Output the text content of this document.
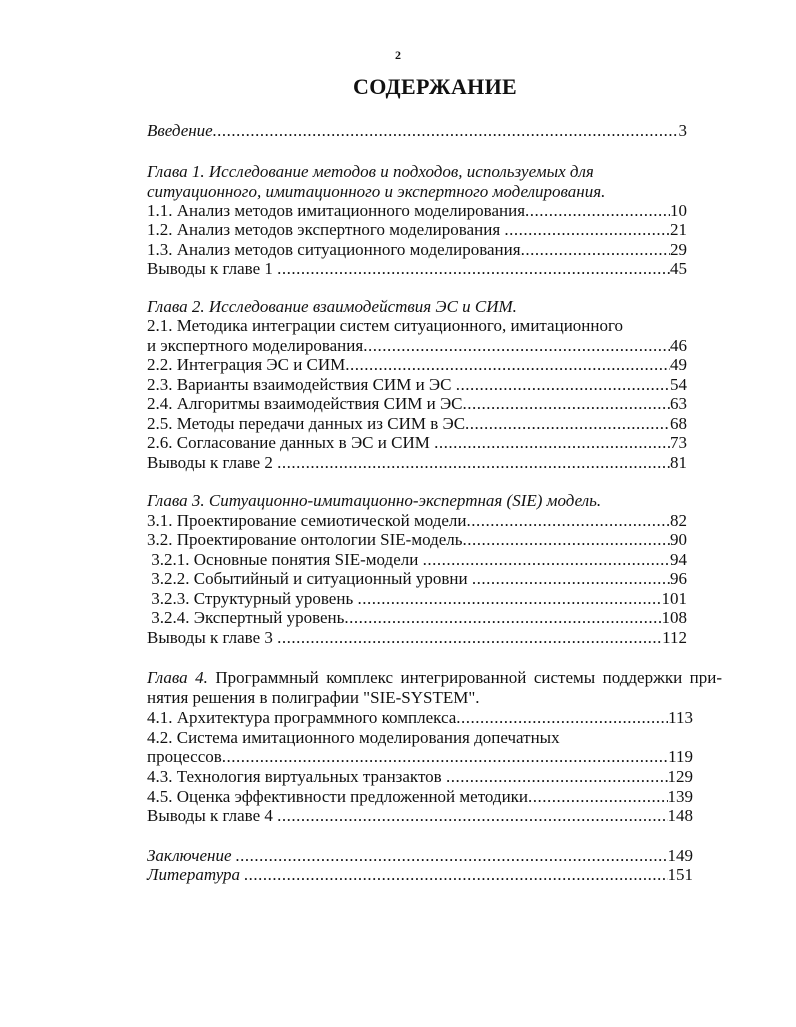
2
СОДЕРЖАНИЕ
Введение .....	3
Глава 1. Исследование методов и подходов, используемых для
ситуационного, имитационного и экспертного моделирования.
1.1. Анализ методов имитационного моделирования .....	10
1.2. Анализ методов экспертного моделирования .....	21
1.3. Анализ методов ситуационного моделирования .....	29
Выводы к главе 1 .....	45
Глава 2. Исследование взаимодействия ЭС и СИМ.
2.1. Методика интеграции систем ситуационного, имитационного
и экспертного моделирования .....	46
2.2. Интеграция ЭС и СИМ .....	49
2.3. Варианты взаимодействия СИМ и ЭС .....	54
2.4. Алгоритмы взаимодействия СИМ и ЭС .....	63
2.5. Методы передачи данных из СИМ в ЭС .....	68
2.6. Согласование данных в ЭС и СИМ .....	73
Выводы к главе 2 .....	81
Глава 3. Ситуационно-имитационно-экспертная (SIE) модель.
3.1. Проектирование семиотической модели .....	82
3.2. Проектирование онтологии SIE-модель .....	90
3.2.1. Основные понятия SIE-модели .....	94
3.2.2. Событийный и ситуационный уровни .....	96
3.2.3. Структурный уровень .....	101
3.2.4. Экспертный уровень .....	108
Выводы к главе 3 .....	112
Глава 4. Программный комплекс интегрированной системы поддержки при-
нятия решения в полиграфии "SIE-SYSTEM".
4.1. Архитектура программного комплекса .....	113
4.2. Система имитационного моделирования допечатных
процессов .....	119
4.3. Технология виртуальных транзактов .....	129
4.5. Оценка эффективности предложенной методики .....	139
Выводы к главе 4 .....	148
Заключение .....	149
Литература .....	151
